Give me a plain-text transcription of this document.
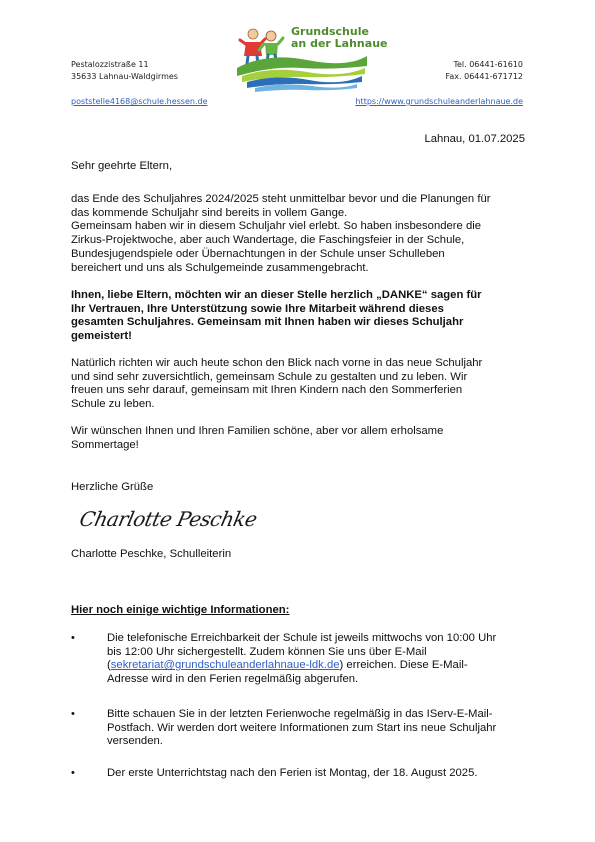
Pestalozzistraße 11
35633 Lahnau-Waldgirmes
Tel. 06441-61610
Fax. 06441-671712
poststelle4168@schule.hessen.de	https://www.grundschuleanderlahnaue.de
Grundschule
an der Lahnaue
Lahnau, 01.07.2025
Sehr geehrte Eltern,
das Ende des Schuljahres 2024/2025 steht unmittelbar bevor und die Planungen für
das kommende Schuljahr sind bereits in vollem Gange.
Gemeinsam haben wir in diesem Schuljahr viel erlebt. So haben insbesondere die
Zirkus-Projektwoche, aber auch Wandertage, die Faschingsfeier in der Schule,
Bundesjugendspiele oder Übernachtungen in der Schule unser Schulleben
bereichert und uns als Schulgemeinde zusammengebracht.
Ihnen, liebe Eltern, möchten wir an dieser Stelle herzlich „DANKE“ sagen für
Ihr Vertrauen, Ihre Unterstützung sowie Ihre Mitarbeit während dieses
gesamten Schuljahres. Gemeinsam mit Ihnen haben wir dieses Schuljahr
gemeistert!
Natürlich richten wir auch heute schon den Blick nach vorne in das neue Schuljahr
und sind sehr zuversichtlich, gemeinsam Schule zu gestalten und zu leben. Wir
freuen uns sehr darauf, gemeinsam mit Ihren Kindern nach den Sommerferien
Schule zu leben.
Wir wünschen Ihnen und Ihren Familien schöne, aber vor allem erholsame
Sommertage!
Herzliche Grüße
Charlotte Peschke
Charlotte Peschke, Schulleiterin
Hier noch einige wichtige Informationen:
•	Die telefonische Erreichbarkeit der Schule ist jeweils mittwochs von 10:00 Uhr
bis 12:00 Uhr sichergestellt. Zudem können Sie uns über E-Mail
(sekretariat@grundschuleanderlahnaue-ldk.de) erreichen. Diese E-Mail-
Adresse wird in den Ferien regelmäßig abgerufen.
•	Bitte schauen Sie in der letzten Ferienwoche regelmäßig in das IServ-E-Mail-
Postfach. Wir werden dort weitere Informationen zum Start ins neue Schuljahr
versenden.
•	Der erste Unterrichtstag nach den Ferien ist Montag, der 18. August 2025.
